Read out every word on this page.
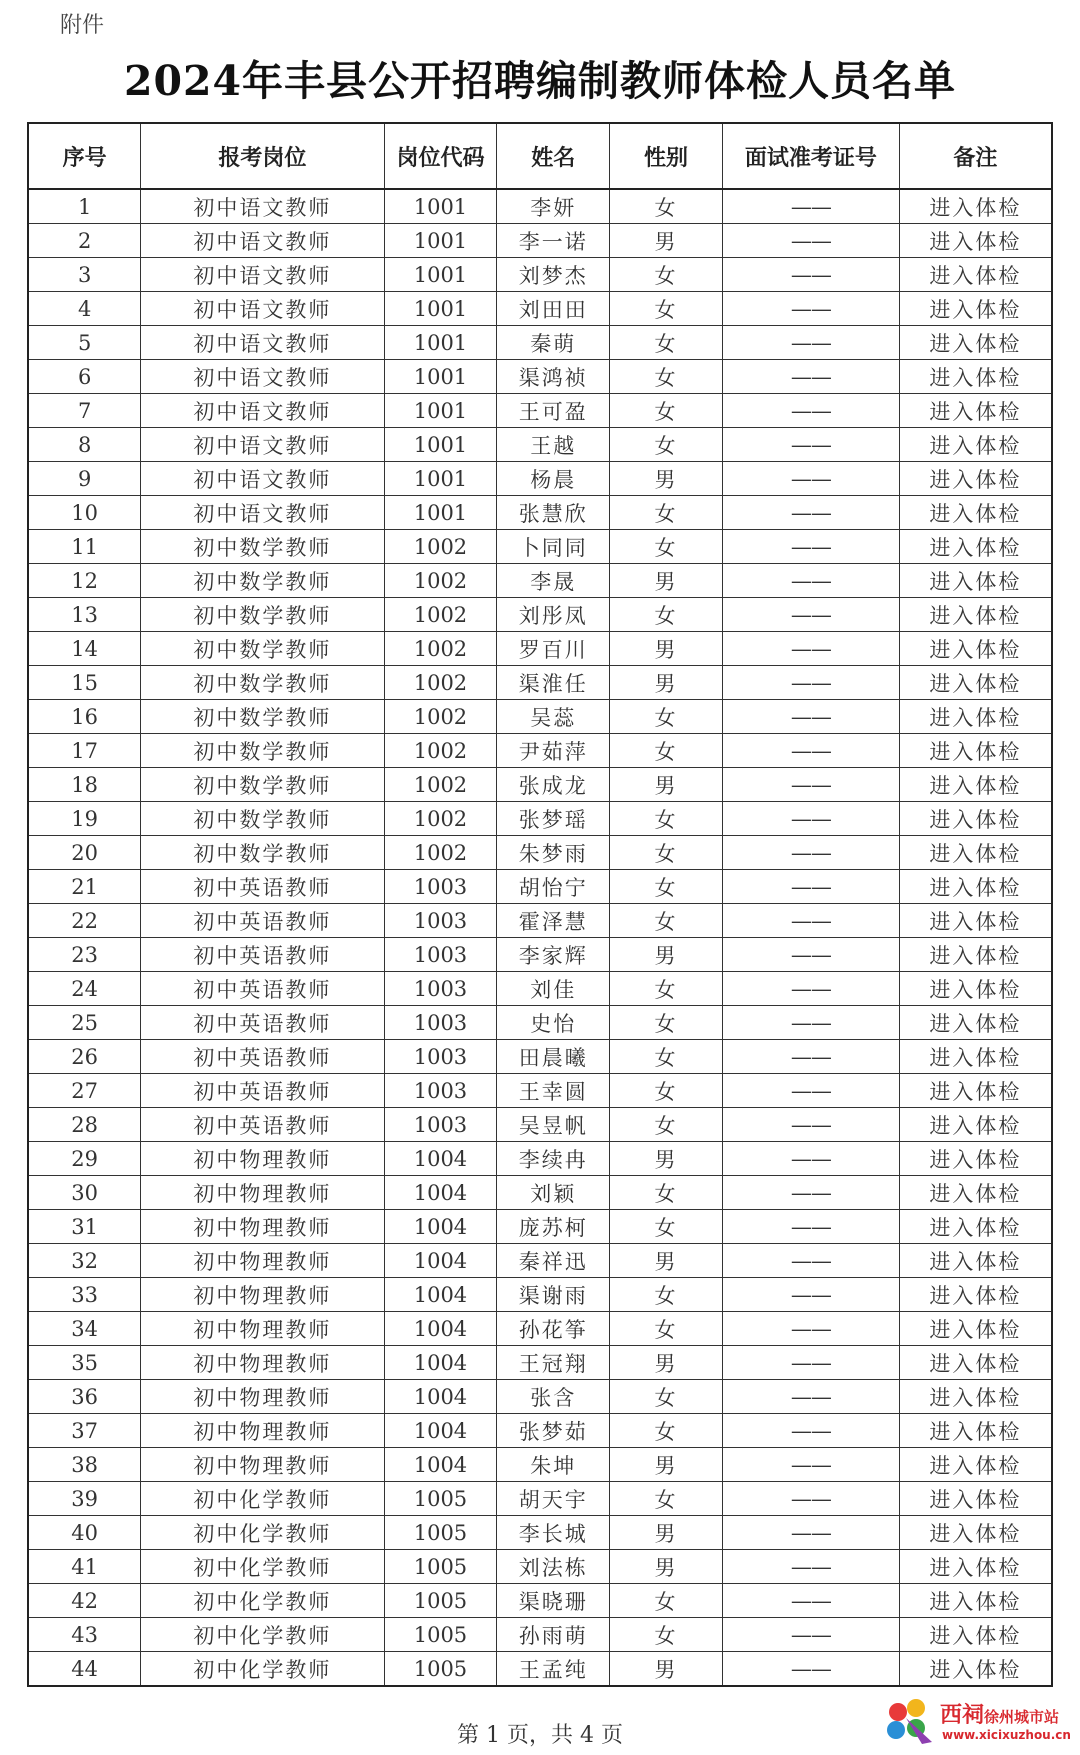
附件
2024年丰县公开招聘编制教师体检人员名单
序号	报考岗位	岗位代码	姓名	性别	面试准考证号	备注
1	初中语文教师	1001	李妍	女	——	进入体检
2	初中语文教师	1001	李一诺	男	——	进入体检
3	初中语文教师	1001	刘梦杰	女	——	进入体检
4	初中语文教师	1001	刘田田	女	——	进入体检
5	初中语文教师	1001	秦萌	女	——	进入体检
6	初中语文教师	1001	渠鸿祯	女	——	进入体检
7	初中语文教师	1001	王可盈	女	——	进入体检
8	初中语文教师	1001	王越	女	——	进入体检
9	初中语文教师	1001	杨晨	男	——	进入体检
10	初中语文教师	1001	张慧欣	女	——	进入体检
11	初中数学教师	1002	卜同同	女	——	进入体检
12	初中数学教师	1002	李晟	男	——	进入体检
13	初中数学教师	1002	刘彤凤	女	——	进入体检
14	初中数学教师	1002	罗百川	男	——	进入体检
15	初中数学教师	1002	渠淮任	男	——	进入体检
16	初中数学教师	1002	吴蕊	女	——	进入体检
17	初中数学教师	1002	尹茹萍	女	——	进入体检
18	初中数学教师	1002	张成龙	男	——	进入体检
19	初中数学教师	1002	张梦瑶	女	——	进入体检
20	初中数学教师	1002	朱梦雨	女	——	进入体检
21	初中英语教师	1003	胡怡宁	女	——	进入体检
22	初中英语教师	1003	霍泽慧	女	——	进入体检
23	初中英语教师	1003	李家辉	男	——	进入体检
24	初中英语教师	1003	刘佳	女	——	进入体检
25	初中英语教师	1003	史怡	女	——	进入体检
26	初中英语教师	1003	田晨曦	女	——	进入体检
27	初中英语教师	1003	王幸圆	女	——	进入体检
28	初中英语教师	1003	吴昱帆	女	——	进入体检
29	初中物理教师	1004	李续冉	男	——	进入体检
30	初中物理教师	1004	刘颖	女	——	进入体检
31	初中物理教师	1004	庞苏柯	女	——	进入体检
32	初中物理教师	1004	秦祥迅	男	——	进入体检
33	初中物理教师	1004	渠谢雨	女	——	进入体检
34	初中物理教师	1004	孙花筝	女	——	进入体检
35	初中物理教师	1004	王冠翔	男	——	进入体检
36	初中物理教师	1004	张含	女	——	进入体检
37	初中物理教师	1004	张梦茹	女	——	进入体检
38	初中物理教师	1004	朱坤	男	——	进入体检
39	初中化学教师	1005	胡天宇	女	——	进入体检
40	初中化学教师	1005	李长城	男	——	进入体检
41	初中化学教师	1005	刘法栋	男	——	进入体检
42	初中化学教师	1005	渠晓珊	女	——	进入体检
43	初中化学教师	1005	孙雨萌	女	——	进入体检
44	初中化学教师	1005	王孟纯	男	——	进入体检
第 1 页，共 4 页
西祠徐州城市站
www.xicixuzhou.cn
